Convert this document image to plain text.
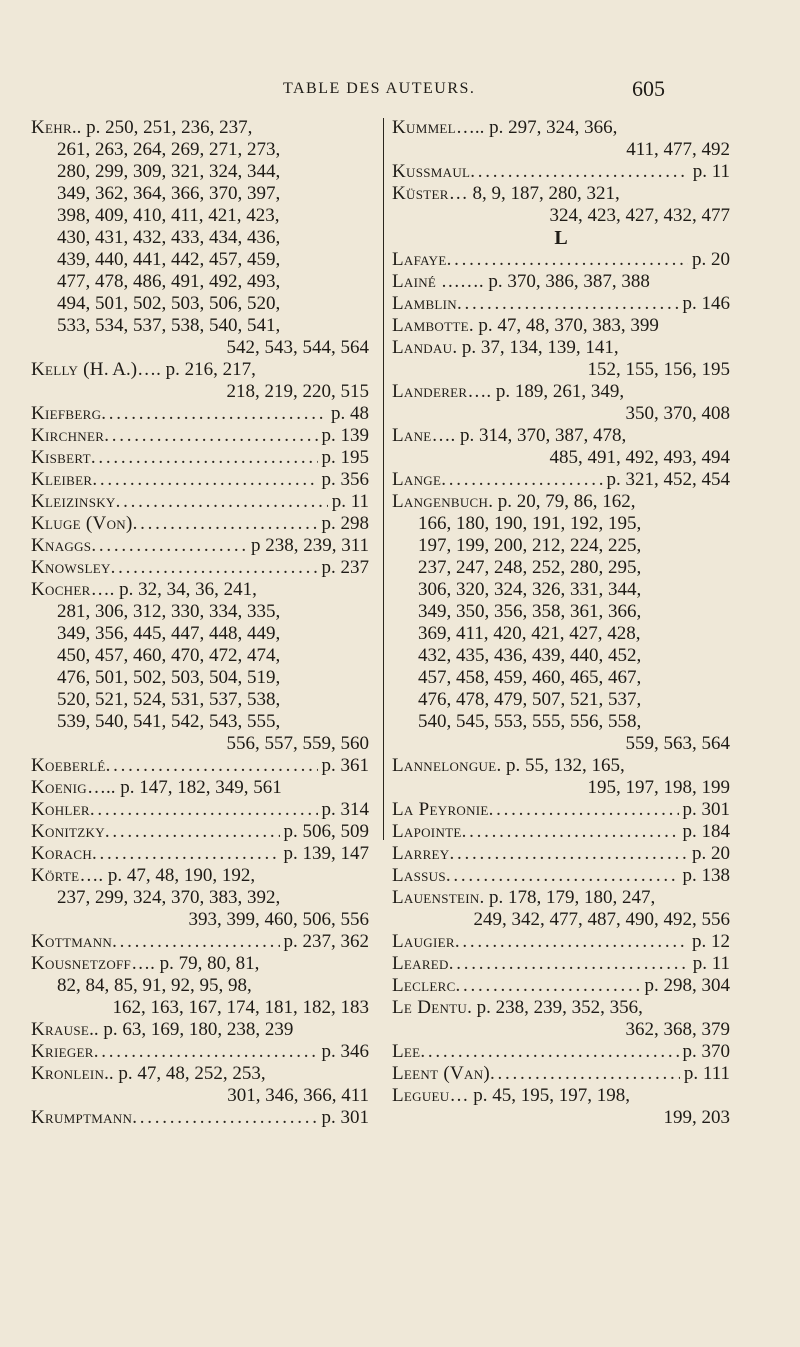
TABLE DES AUTEURS.	605
Kehr.. p. 250, 251, 236, 237,
261, 263, 264, 269, 271, 273,
280, 299, 309, 321, 324, 344,
349, 362, 364, 366, 370, 397,
398, 409, 410, 411, 421, 423,
430, 431, 432, 433, 434, 436,
439, 440, 441, 442, 457, 459,
477, 478, 486, 491, 492, 493,
494, 501, 502, 503, 506, 520,
533, 534, 537, 538, 540, 541,
542, 543, 544, 564
Kelly (H. A.)…. p. 216, 217,
218, 219, 220, 515
Kiefberg . . .	p. 48
Kirchner . . .	p. 139
Kisbert . . .	p. 195
Kleiber . . .	p. 356
Kleizinsky . . .	p. 11
Kluge (Von) . . .	p. 298
Knaggs . . .	p 238, 239, 311
Knowsley . . .	p. 237
Kocher…. p. 32, 34, 36, 241,
281, 306, 312, 330, 334, 335,
349, 356, 445, 447, 448, 449,
450, 457, 460, 470, 472, 474,
476, 501, 502, 503, 504, 519,
520, 521, 524, 531, 537, 538,
539, 540, 541, 542, 543, 555,
556, 557, 559, 560
Koeberlé . . .	p. 361
Koenig….. p. 147, 182, 349, 561
Kohler . . .	p. 314
Konitzky . . .	p. 506, 509
Korach . . .	p. 139, 147
Körte…. p. 47, 48, 190, 192,
237, 299, 324, 370, 383, 392,
393, 399, 460, 506, 556
Kottmann . . .	p. 237, 362
Kousnetzoff…. p. 79, 80, 81,
82, 84, 85, 91, 92, 95, 98,
162, 163, 167, 174, 181, 182, 183
Krause.. p. 63, 169, 180, 238, 239
Krieger . . .	p. 346
Kronlein.. p. 47, 48, 252, 253,
301, 346, 366, 411
Krumptmann . . .	p. 301
Kummel….. p. 297, 324, 366,
411, 477, 492
Kussmaul . . .	p. 11
Küster… 8, 9, 187, 280, 321,
324, 423, 427, 432, 477
L
Lafaye . . .	p. 20
Lainé ……. p. 370, 386, 387, 388
Lamblin . . .	p. 146
Lambotte. p. 47, 48, 370, 383, 399
Landau. p. 37, 134, 139, 141,
152, 155, 156, 195
Landerer…. p. 189, 261, 349,
350, 370, 408
Lane…. p. 314, 370, 387, 478,
485, 491, 492, 493, 494
Lange . . .	p. 321, 452, 454
Langenbuch. p. 20, 79, 86, 162,
166, 180, 190, 191, 192, 195,
197, 199, 200, 212, 224, 225,
237, 247, 248, 252, 280, 295,
306, 320, 324, 326, 331, 344,
349, 350, 356, 358, 361, 366,
369, 411, 420, 421, 427, 428,
432, 435, 436, 439, 440, 452,
457, 458, 459, 460, 465, 467,
476, 478, 479, 507, 521, 537,
540, 545, 553, 555, 556, 558,
559, 563, 564
Lannelongue. p. 55, 132, 165,
195, 197, 198, 199
La Peyronie . . .	p. 301
Lapointe . . .	p. 184
Larrey . . .	p. 20
Lassus . . .	p. 138
Lauenstein. p. 178, 179, 180, 247,
249, 342, 477, 487, 490, 492, 556
Laugier . . .	p. 12
Leared . . .	p. 11
Leclerc . . .	p. 298, 304
Le Dentu. p. 238, 239, 352, 356,
362, 368, 379
Lee . . .	p. 370
Leent (Van) . . .	p. 111
Legueu… p. 45, 195, 197, 198,
199, 203
